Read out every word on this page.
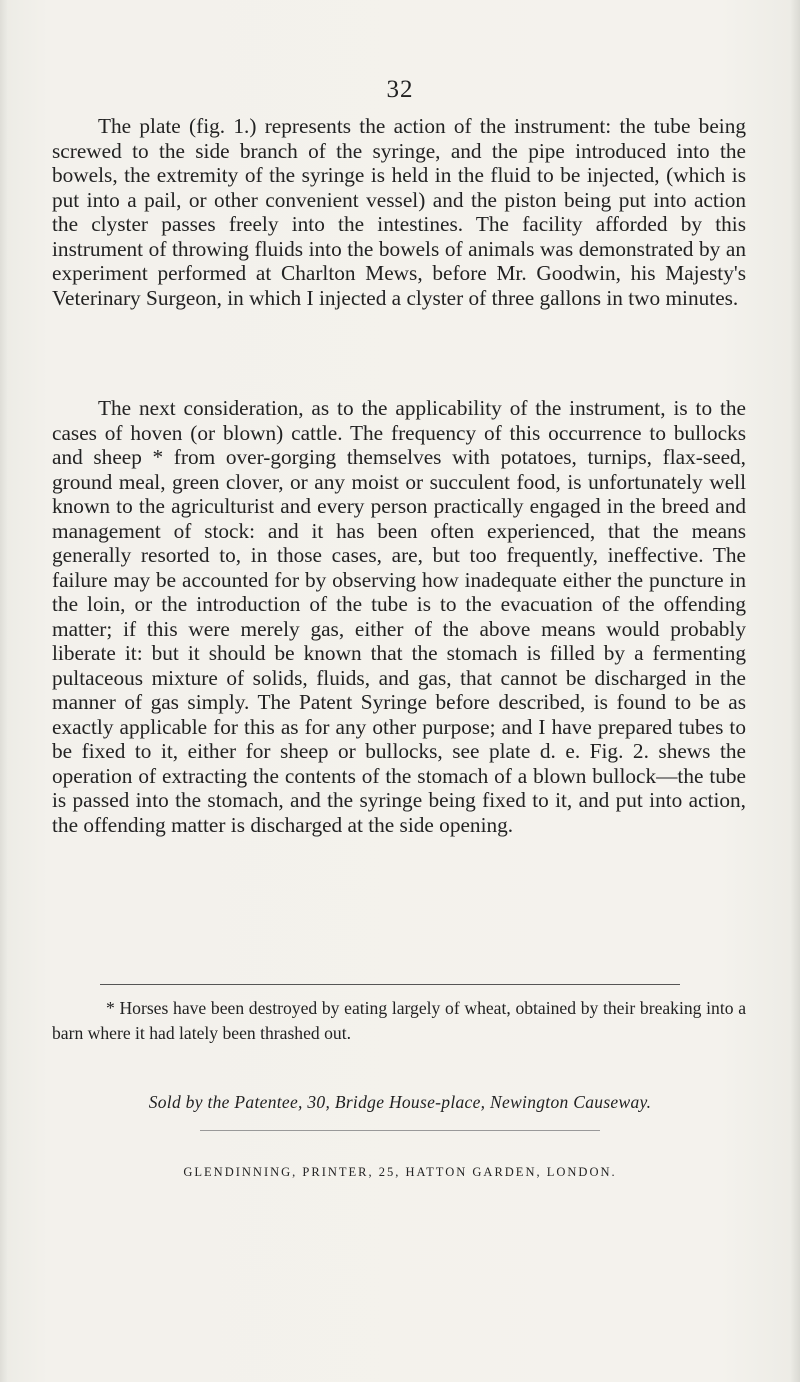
32

The plate (fig. 1.) represents the action of the instrument: the tube being screwed to the side branch of the syringe, and the pipe introduced into the bowels, the extremity of the syringe is held in the fluid to be injected, (which is put into a pail, or other convenient vessel) and the piston being put into action the clyster passes freely into the intestines. The facility afforded by this instrument of throwing fluids into the bowels of animals was demonstrated by an experiment performed at Charlton Mews, before Mr. Goodwin, his Majesty's Veterinary Surgeon, in which I injected a clyster of three gallons in two minutes.

The next consideration, as to the applicability of the instrument, is to the cases of hoven (or blown) cattle. The frequency of this occurrence to bullocks and sheep * from over-gorging themselves with potatoes, turnips, flax-seed, ground meal, green clover, or any moist or succulent food, is unfortunately well known to the agriculturist and every person practically engaged in the breed and management of stock: and it has been often experienced, that the means generally resorted to, in those cases, are, but too frequently, ineffective. The failure may be accounted for by observing how inadequate either the puncture in the loin, or the introduction of the tube is to the evacuation of the offending matter; if this were merely gas, either of the above means would probably liberate it: but it should be known that the stomach is filled by a fermenting pultaceous mixture of solids, fluids, and gas, that cannot be discharged in the manner of gas simply. The Patent Syringe before described, is found to be as exactly applicable for this as for any other purpose; and I have prepared tubes to be fixed to it, either for sheep or bullocks, see plate d. e. Fig. 2. shews the operation of extracting the contents of the stomach of a blown bullock—the tube is passed into the stomach, and the syringe being fixed to it, and put into action, the offending matter is discharged at the side opening.

* Horses have been destroyed by eating largely of wheat, obtained by their breaking into a barn where it had lately been thrashed out.

Sold by the Patentee, 30, Bridge House-place, Newington Causeway.
GLENDINNING, PRINTER, 25, HATTON GARDEN, LONDON.
